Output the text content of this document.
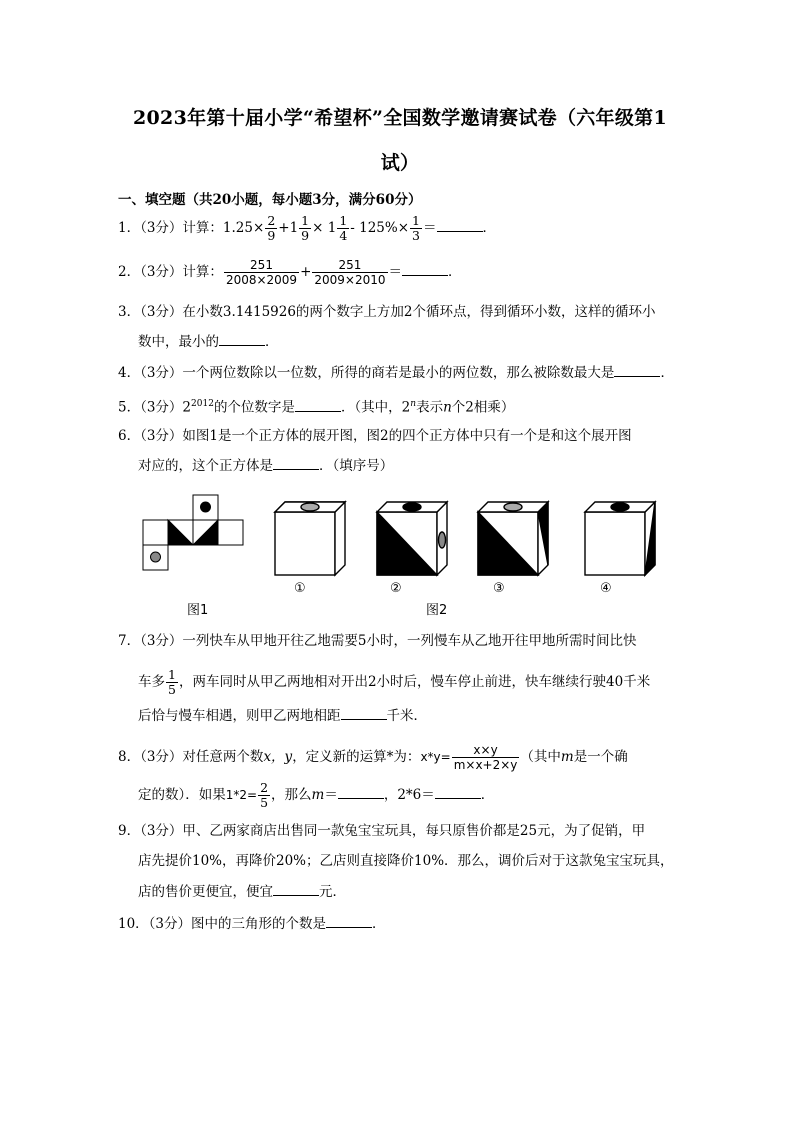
2023年第十届小学“希望杯”全国数学邀请赛试卷（六年级第1
试）
一、填空题（共20小题，每小题3分，满分60分）
1．（3分）计算：$1.25\times \frac{2}{9} +1 \frac{1}{9} \times 1 \frac{1}{4} - 125\%\times \frac{1}{3}$ ＝	．
2．（3分）计算： $\frac{251}{2008\times 2009} + \frac{251}{2009\times 2010}$ ＝	．
3．（3分）在小数3.1415926的两个数字上方加2个循环点，得到循环小数，这样的循环小
数中，最小的	．
4．（3分）一个两位数除以一位数，所得的商若是最小的两位数，那么被除数最大是	．
5．（3分）$2^{2012}$的个位数字是	．（其中，2$^n$表示n个2相乘）
6．（3分）如图1是一个正方体的展开图，图2的四个正方体中只有一个是和这个展开图
对应的，这个正方体是	．（填序号）
①	②	③	④
图1	图2
7．（3分）一列快车从甲地开往乙地需要5小时，一列慢车从乙地开往甲地所需时间比快
车多 $\frac{1}{5}$ ，两车同时从甲乙两地相对开出2小时后，慢车停止前进，快车继续行驶40千米
后恰与慢车相遇，则甲乙两地相距	千米．
8．（3分）对任意两个数x，y，定义新的运算*为：$x*y= \frac{x\times y}{m\times x+2\times y}$ （其中m是一个确
定的数）．如果$1*2= \frac{2}{5}$ ，那么m＝	，2*6＝	．
9．（3分）甲、乙两家商店出售同一款兔宝宝玩具，每只原售价都是25元，为了促销，甲
店先提价10%，再降价20%；乙店则直接降价10%．那么，调价后对于这款兔宝宝玩具，
店的售价更便宜，便宜	元．
10．（3分）图中的三角形的个数是	．
